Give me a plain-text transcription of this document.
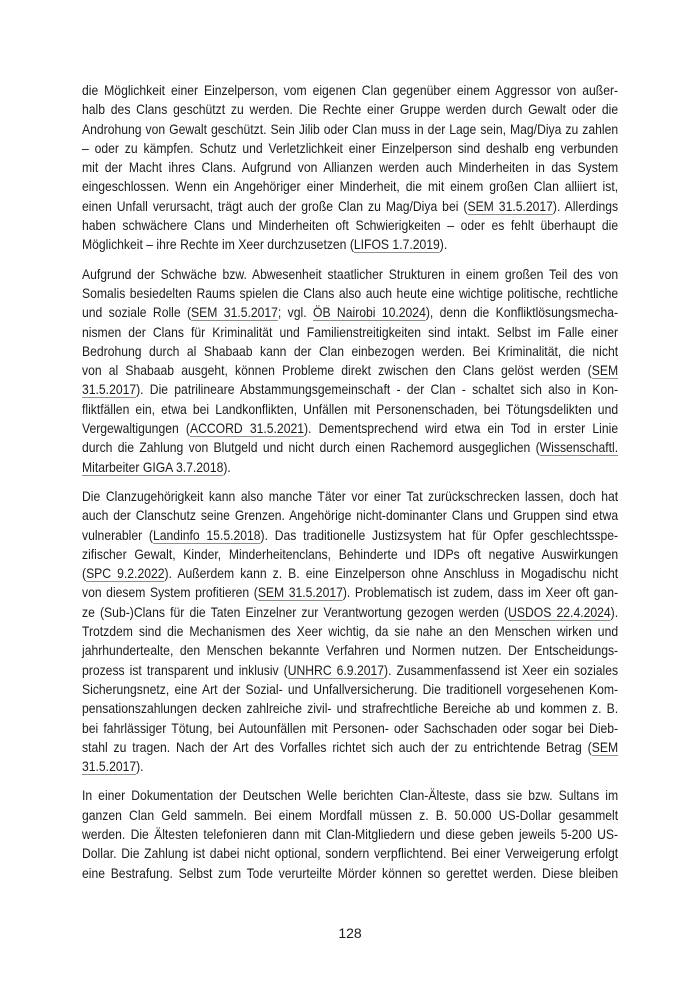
die Möglichkeit einer Einzelperson, vom eigenen Clan gegenüber einem Aggressor von außer-
halb des Clans geschützt zu werden. Die Rechte einer Gruppe werden durch Gewalt oder die
Androhung von Gewalt geschützt. Sein Jilib oder Clan muss in der Lage sein, Mag/Diya zu zahlen
– oder zu kämpfen. Schutz und Verletzlichkeit einer Einzelperson sind deshalb eng verbunden
mit der Macht ihres Clans. Aufgrund von Allianzen werden auch Minderheiten in das System
eingeschlossen. Wenn ein Angehöriger einer Minderheit, die mit einem großen Clan alliiert ist,
einen Unfall verursacht, trägt auch der große Clan zu Mag/Diya bei (SEM 31.5.2017). Allerdings
haben schwächere Clans und Minderheiten oft Schwierigkeiten – oder es fehlt überhaupt die
Möglichkeit – ihre Rechte im Xeer durchzusetzen (LIFOS 1.7.2019).
Aufgrund der Schwäche bzw. Abwesenheit staatlicher Strukturen in einem großen Teil des von
Somalis besiedelten Raums spielen die Clans also auch heute eine wichtige politische, rechtliche
und soziale Rolle (SEM 31.5.2017; vgl. ÖB Nairobi 10.2024), denn die Konfliktlösungsmecha-
nismen der Clans für Kriminalität und Familienstreitigkeiten sind intakt. Selbst im Falle einer
Bedrohung durch al Shabaab kann der Clan einbezogen werden. Bei Kriminalität, die nicht
von al Shabaab ausgeht, können Probleme direkt zwischen den Clans gelöst werden (SEM
31.5.2017). Die patrilineare Abstammungsgemeinschaft - der Clan - schaltet sich also in Kon-
fliktfällen ein, etwa bei Landkonflikten, Unfällen mit Personenschaden, bei Tötungsdelikten und
Vergewaltigungen (ACCORD 31.5.2021). Dementsprechend wird etwa ein Tod in erster Linie
durch die Zahlung von Blutgeld und nicht durch einen Rachemord ausgeglichen (Wissenschaftl.
Mitarbeiter GIGA 3.7.2018).
Die Clanzugehörigkeit kann also manche Täter vor einer Tat zurückschrecken lassen, doch hat
auch der Clanschutz seine Grenzen. Angehörige nicht-dominanter Clans und Gruppen sind etwa
vulnerabler (Landinfo 15.5.2018). Das traditionelle Justizsystem hat für Opfer geschlechtsspe-
zifischer Gewalt, Kinder, Minderheitenclans, Behinderte und IDPs oft negative Auswirkungen
(SPC 9.2.2022). Außerdem kann z. B. eine Einzelperson ohne Anschluss in Mogadischu nicht
von diesem System profitieren (SEM 31.5.2017). Problematisch ist zudem, dass im Xeer oft gan-
ze (Sub-)Clans für die Taten Einzelner zur Verantwortung gezogen werden (USDOS 22.4.2024).
Trotzdem sind die Mechanismen des Xeer wichtig, da sie nahe an den Menschen wirken und
jahrhundertealte, den Menschen bekannte Verfahren und Normen nutzen. Der Entscheidungs-
prozess ist transparent und inklusiv (UNHRC 6.9.2017). Zusammenfassend ist Xeer ein soziales
Sicherungsnetz, eine Art der Sozial- und Unfallversicherung. Die traditionell vorgesehenen Kom-
pensationszahlungen decken zahlreiche zivil- und strafrechtliche Bereiche ab und kommen z. B.
bei fahrlässiger Tötung, bei Autounfällen mit Personen- oder Sachschaden oder sogar bei Dieb-
stahl zu tragen. Nach der Art des Vorfalles richtet sich auch der zu entrichtende Betrag (SEM
31.5.2017).
In einer Dokumentation der Deutschen Welle berichten Clan-Älteste, dass sie bzw. Sultans im
ganzen Clan Geld sammeln. Bei einem Mordfall müssen z. B. 50.000 US-Dollar gesammelt
werden. Die Ältesten telefonieren dann mit Clan-Mitgliedern und diese geben jeweils 5-200 US-
Dollar. Die Zahlung ist dabei nicht optional, sondern verpflichtend. Bei einer Verweigerung erfolgt
eine Bestrafung. Selbst zum Tode verurteilte Mörder können so gerettet werden. Diese bleiben
128
